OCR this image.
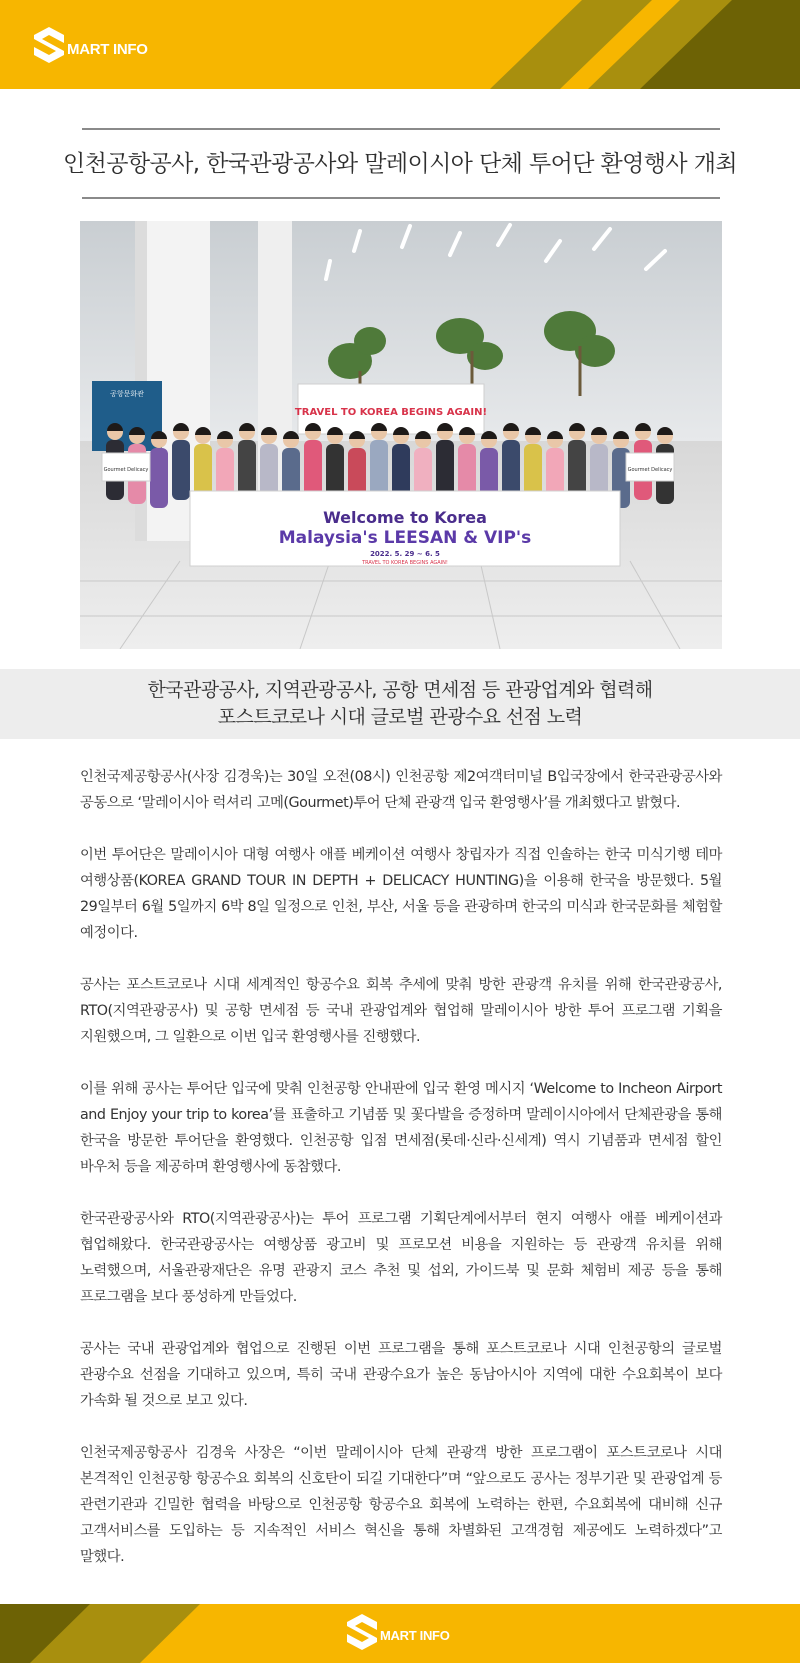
MART INFO
인천공항공사, 한국관광공사와 말레이시아 단체 투어단 환영행사 개최
공항문화관
TRAVEL TO KOREA BEGINS AGAIN!
Welcome to Korea
Malaysia's LEESAN & VIP's
2022. 5. 29 ~ 6. 5
TRAVEL TO KOREA BEGINS AGAIN!
Gourmet Delicacy	Gourmet Delicacy
한국관광공사, 지역관광공사, 공항 면세점 등 관광업계와 협력해
포스트코로나 시대 글로벌 관광수요 선점 노력

인천국제공항공사(사장 김경욱)는 30일 오전(08시) 인천공항 제2여객터미널 B입국장에서 한국관광공사와 공동으로 ‘말레이시아 럭셔리 고메(Gourmet)투어 단체 관광객 입국 환영행사’를 개최했다고 밝혔다.

이번 투어단은 말레이시아 대형 여행사 애플 베케이션 여행사 창립자가 직접 인솔하는 한국 미식기행 테마 여행상품(KOREA GRAND TOUR IN DEPTH + DELICACY HUNTING)을 이용해 한국을 방문했다. 5월 29일부터 6월 5일까지 6박 8일 일정으로 인천, 부산, 서울 등을 관광하며 한국의 미식과 한국문화를 체험할 예정이다.

공사는 포스트코로나 시대 세계적인 항공수요 회복 추세에 맞춰 방한 관광객 유치를 위해 한국관광공사, RTO(지역관광공사) 및 공항 면세점 등 국내 관광업계와 협업해 말레이시아 방한 투어 프로그램 기획을 지원했으며, 그 일환으로 이번 입국 환영행사를 진행했다.

이를 위해 공사는 투어단 입국에 맞춰 인천공항 안내판에 입국 환영 메시지 ‘Welcome to Incheon Airport and Enjoy your trip to korea’를 표출하고 기념품 및 꽃다발을 증정하며 말레이시아에서 단체관광을 통해 한국을 방문한 투어단을 환영했다. 인천공항 입점 면세점(롯데·신라·신세계) 역시 기념품과 면세점 할인 바우처 등을 제공하며 환영행사에 동참했다.

한국관광공사와 RTO(지역관광공사)는 투어 프로그램 기획단계에서부터 현지 여행사 애플 베케이션과 협업해왔다. 한국관광공사는 여행상품 광고비 및 프로모션 비용을 지원하는 등 관광객 유치를 위해 노력했으며, 서울관광재단은 유명 관광지 코스 추천 및 섭외, 가이드북 및 문화 체험비 제공 등을 통해 프로그램을 보다 풍성하게 만들었다.

공사는 국내 관광업계와 협업으로 진행된 이번 프로그램을 통해 포스트코로나 시대 인천공항의 글로벌 관광수요 선점을 기대하고 있으며, 특히 국내 관광수요가 높은 동남아시아 지역에 대한 수요회복이 보다 가속화 될 것으로 보고 있다.

인천국제공항공사 김경욱 사장은 “이번 말레이시아 단체 관광객 방한 프로그램이 포스트코로나 시대 본격적인 인천공항 항공수요 회복의 신호탄이 되길 기대한다”며 “앞으로도 공사는 정부기관 및 관광업계 등 관련기관과 긴밀한 협력을 바탕으로 인천공항 항공수요 회복에 노력하는 한편, 수요회복에 대비해 신규 고객서비스를 도입하는 등 지속적인 서비스 혁신을 통해 차별화된 고객경험 제공에도 노력하겠다”고 말했다.

MART INFO
